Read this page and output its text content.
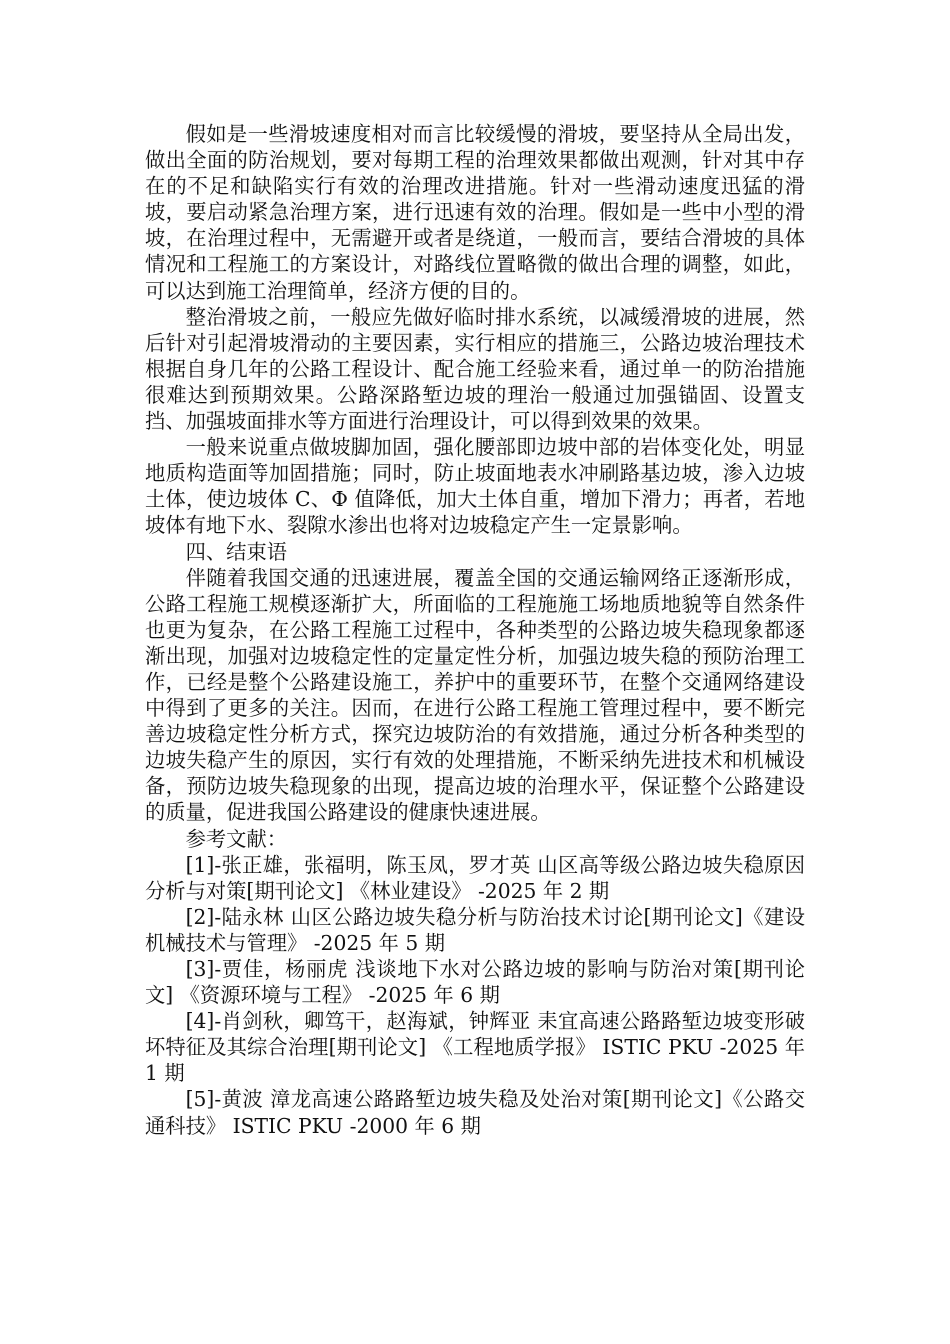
假如是一些滑坡速度相对而言比较缓慢的滑坡，要坚持从全局出发，做出全面的防治规划，要对每期工程的治理效果都做出观测，针对其中存在的不足和缺陷实行有效的治理改进措施。针对一些滑动速度迅猛的滑坡，要启动紧急治理方案，进行迅速有效的治理。假如是一些中小型的滑坡，在治理过程中，无需避开或者是绕道，一般而言，要结合滑坡的具体情况和工程施工的方案设计，对路线位置略微的做出合理的调整，如此，可以达到施工治理简单，经济方便的目的。

整治滑坡之前，一般应先做好临时排水系统，以减缓滑坡的进展，然后针对引起滑坡滑动的主要因素，实行相应的措施三，公路边坡治理技术根据自身几年的公路工程设计、配合施工经验来看，通过单一的防治措施很难达到预期效果。公路深路堑边坡的理治一般通过加强锚固、设置支挡、加强坡面排水等方面进行治理设计，可以得到效果的效果。

一般来说重点做坡脚加固，强化腰部即边坡中部的岩体变化处，明显地质构造面等加固措施；同时，防止坡面地表水冲刷路基边坡，渗入边坡土体，使边坡体 C、Φ 值降低，加大土体自重，增加下滑力；再者，若地坡体有地下水、裂隙水渗出也将对边坡稳定产生一定景影响。

四、结束语

伴随着我国交通的迅速进展，覆盖全国的交通运输网络正逐渐形成，公路工程施工规模逐渐扩大，所面临的工程施施工场地质地貌等自然条件也更为复杂，在公路工程施工过程中，各种类型的公路边坡失稳现象都逐渐出现，加强对边坡稳定性的定量定性分析，加强边坡失稳的预防治理工作，已经是整个公路建设施工，养护中的重要环节，在整个交通网络建设中得到了更多的关注。因而，在进行公路工程施工管理过程中，要不断完善边坡稳定性分析方式，探究边坡防治的有效措施，通过分析各种类型的边坡失稳产生的原因，实行有效的处理措施，不断采纳先进技术和机械设备，预防边坡失稳现象的出现，提高边坡的治理水平，保证整个公路建设的质量，促进我国公路建设的健康快速进展。

参考文献：

[1]-张正雄，张福明，陈玉凤，罗才英 山区高等级公路边坡失稳原因分析与对策[期刊论文] 《林业建设》 -2025 年 2 期

[2]-陆永林 山区公路边坡失稳分析与防治技术讨论[期刊论文]《建设机械技术与管理》 -2025 年 5 期

[3]-贾佳，杨丽虎 浅谈地下水对公路边坡的影响与防治对策[期刊论文] 《资源环境与工程》 -2025 年 6 期

[4]-肖剑秋，卿笃干，赵海斌，钟辉亚 耒宜高速公路路堑边坡变形破坏特征及其综合治理[期刊论文] 《工程地质学报》 ISTIC PKU -2025 年 1 期

[5]-黄波 漳龙高速公路路堑边坡失稳及处治对策[期刊论文]《公路交通科技》 ISTIC PKU -2000 年 6 期
